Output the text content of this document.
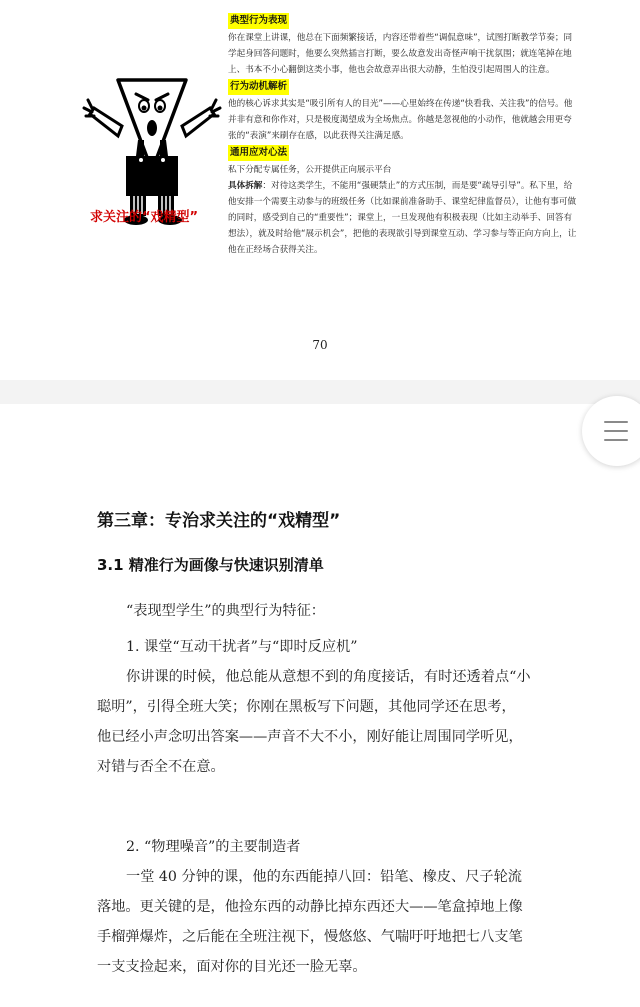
求关注的“戏精型”
典型行为表现

你在课堂上讲课，他总在下面频繁接话，内容还带着些“调侃意味”，试图打断教学节奏；同学起身回答问题时，他要么突然插言打断，要么故意发出奇怪声响干扰氛围；就连笔掉在地上、书本不小心翻倒这类小事，他也会故意弄出很大动静，生怕没引起周围人的注意。

行为动机解析

他的核心诉求其实是“吸引所有人的目光”——心里始终在传递“快看我、关注我”的信号。他并非有意和你作对，只是极度渴望成为全场焦点。你越是忽视他的小动作，他就越会用更夸张的“表演”来刷存在感，以此获得关注满足感。

通用应对心法

私下分配专属任务，公开提供正向展示平台

具体拆解：对待这类学生，不能用“强硬禁止”的方式压制，而是要“疏导引导”。私下里，给他安排一个需要主动参与的班级任务（比如课前准备助手、课堂纪律监督员），让他有事可做的同时，感受到自己的“重要性”；课堂上，一旦发现他有积极表现（比如主动举手、回答有想法），就及时给他“展示机会”，把他的表现欲引导到课堂互动、学习参与等正向方向上，让他在正经场合获得关注。

70
第三章：专治求关注的“戏精型”
3.1 精准行为画像与快速识别清单

“表现型学生”的典型行为特征：

1. 课堂“互动干扰者”与“即时反应机”

你讲课的时候，他总能从意想不到的角度接话，有时还透着点“小

聪明”，引得全班大笑；你刚在黑板写下问题，其他同学还在思考，

他已经小声念叨出答案——声音不大不小，刚好能让周围同学听见，

对错与否全不在意。

2. “物理噪音”的主要制造者

一堂 40 分钟的课，他的东西能掉八回：铅笔、橡皮、尺子轮流

落地。更关键的是，他捡东西的动静比掉东西还大——笔盒掉地上像

手榴弹爆炸，之后能在全班注视下，慢悠悠、气喘吁吁地把七八支笔

一支支捡起来，面对你的目光还一脸无辜。
